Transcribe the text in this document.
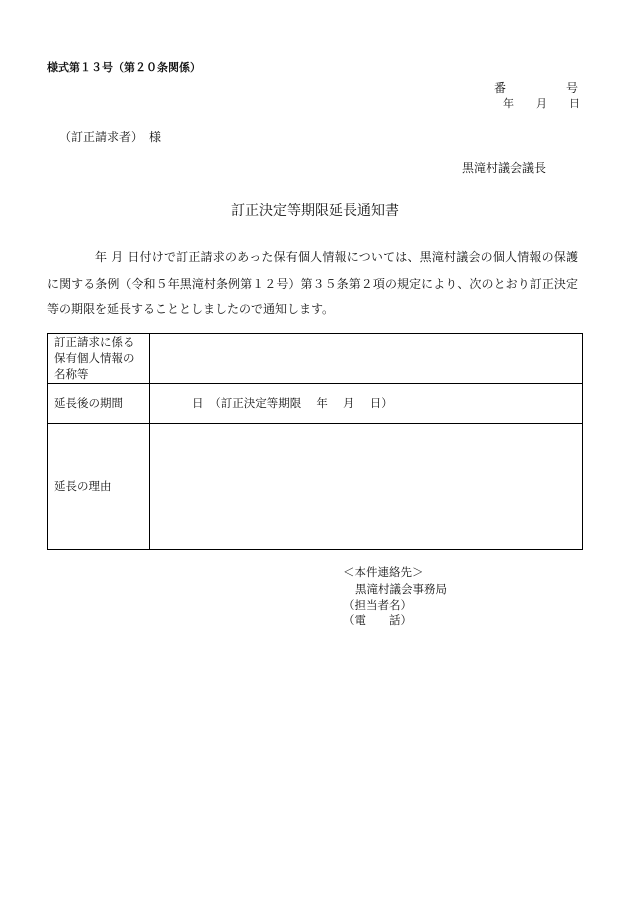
様式第１３号（第２０条関係）
番　　　　　号
年　　月　　日
（訂正請求者）　様
黒滝村議会議長
訂正決定等期限延長通知書
年 月 日付けで訂正請求のあった保有個人情報については、黒滝村議会の個人情報の保護
に関する条例（令和５年黒滝村条例第１２号）第３５条第２項の規定により、次のとおり訂正決定
等の期限を延長することとしましたので通知します。
訂正請求に係る
保有個人情報の
名称等
延長後の期間	日　（訂正決定等期限　 年　 月　 日）
延長の理由
＜本件連絡先＞
黒滝村議会事務局
（担当者名）
（電　　話）
